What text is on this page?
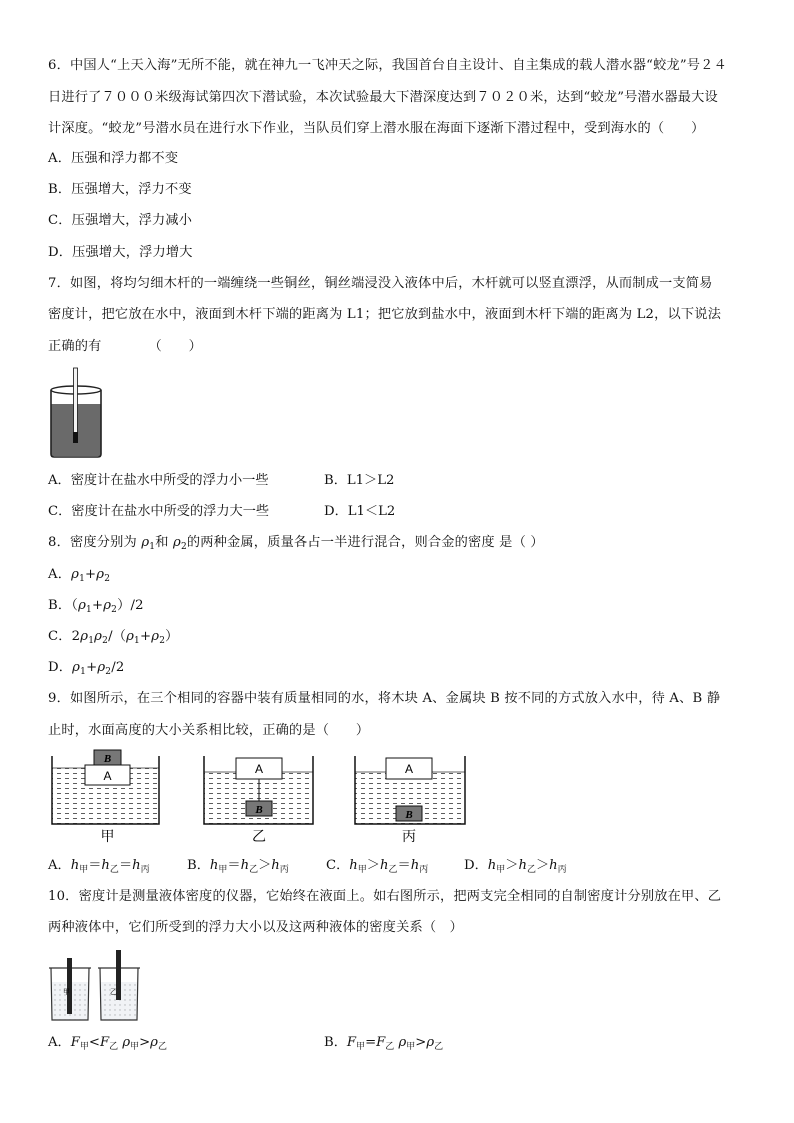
6．中国人“上天入海”无所不能，就在神九一飞冲天之际，我国首台自主设计、自主集成的载人潜水器“蛟龙”号２４
日进行了７０００米级海试第四次下潜试验，本次试验最大下潜深度达到７０２０米，达到“蛟龙”号潜水器最大设
计深度。“蛟龙”号潜水员在进行水下作业，当队员们穿上潜水服在海面下逐渐下潜过程中，受到海水的（　　）
A．压强和浮力都不变
B．压强增大，浮力不变
C．压强增大，浮力减小
D．压强增大，浮力增大
7．如图，将均匀细木杆的一端缠绕一些铜丝，铜丝端浸没入液体中后，木杆就可以竖直漂浮，从而制成一支简易
密度计，把它放在水中，液面到木杆下端的距离为 L1；把它放到盐水中，液面到木杆下端的距离为 L2，以下说法
正确的有　　　　（　　）
A．密度计在盐水中所受的浮力小一些	B．L1＞L2
C．密度计在盐水中所受的浮力大一些	D．L1＜L2
8．密度分别为 $\rho_1$和 $\rho_2$的两种金属，质量各占一半进行混合，则合金的密度 是（ ）
A．$\rho_1+\rho_2$
B．$(\rho_1+\rho_2)/2$
C．$2\rho_1\rho_2/(\rho_1+\rho_2)$
D．$\rho_1+\rho_2/2$
9．如图所示，在三个相同的容器中装有质量相同的水，将木块 A、金属块 B 按不同的方式放入水中，待 A、B 静
止时，水面高度的大小关系相比较，正确的是（　　）
A
B
甲
A
B
乙
A
B
丙
A．$h_甲=h_乙=h_丙$	B．$h_甲=h_乙>h_丙$	C．$h_甲>h_乙=h_丙$	D．$h_甲>h_乙>h_丙$
10．密度计是测量液体密度的仪器，它始终在液面上。如右图所示，把两支完全相同的自制密度计分别放在甲、乙
两种液体中，它们所受到的浮力大小以及这两种液体的密度关系（　）
甲	乙
A．$F_甲<F_乙$ $\rho_甲>\rho_乙$	B．$F_甲=F_乙$ $\rho_甲>\rho_乙$
